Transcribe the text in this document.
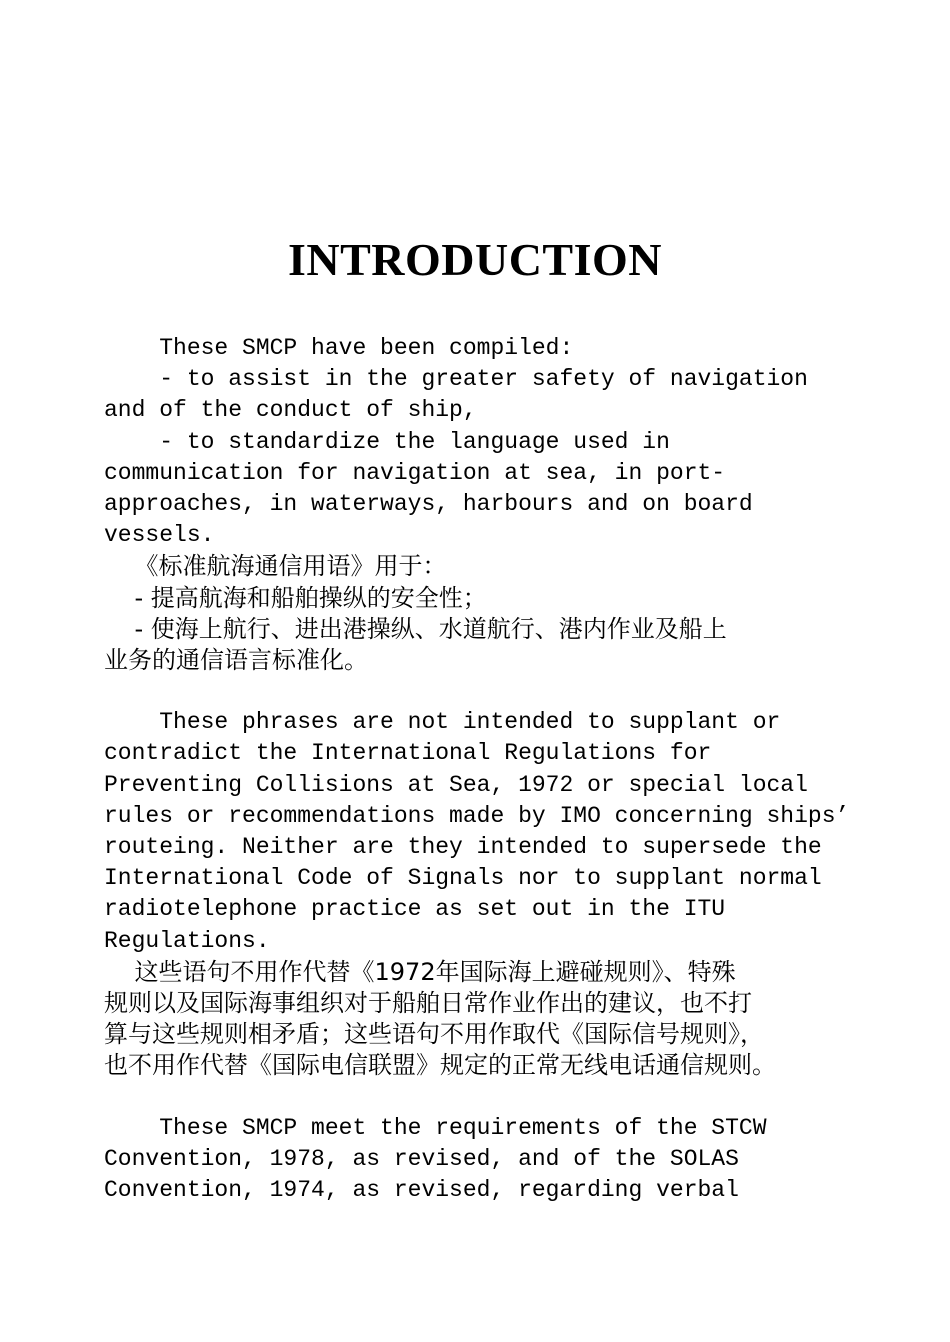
INTRODUCTION
These SMCP have been compiled:
- to assist in the greater safety of navigation
and of the conduct of ship,
- to standardize the language used in
communication for navigation at sea, in port-
approaches, in waterways, harbours and on board
vessels.
《标准航海通信用语》用于：
- 提高航海和船舶操纵的安全性；
- 使海上航行、进出港操纵、水道航行、港内作业及船上
业务的通信语言标准化。
These phrases are not intended to supplant or
contradict the International Regulations for
Preventing Collisions at Sea, 1972 or special local
rules or recommendations made by IMO concerning ships’
routeing. Neither are they intended to supersede the
International Code of Signals nor to supplant normal
radiotelephone practice as set out in the ITU
Regulations.
这些语句不用作代替《1972年国际海上避碰规则》、特殊
规则以及国际海事组织对于船舶日常作业作出的建议，也不打
算与这些规则相矛盾；这些语句不用作取代《国际信号规则》，
也不用作代替《国际电信联盟》规定的正常无线电话通信规则。
These SMCP meet the requirements of the STCW
Convention, 1978, as revised, and of the SOLAS
Convention, 1974, as revised, regarding verbal
